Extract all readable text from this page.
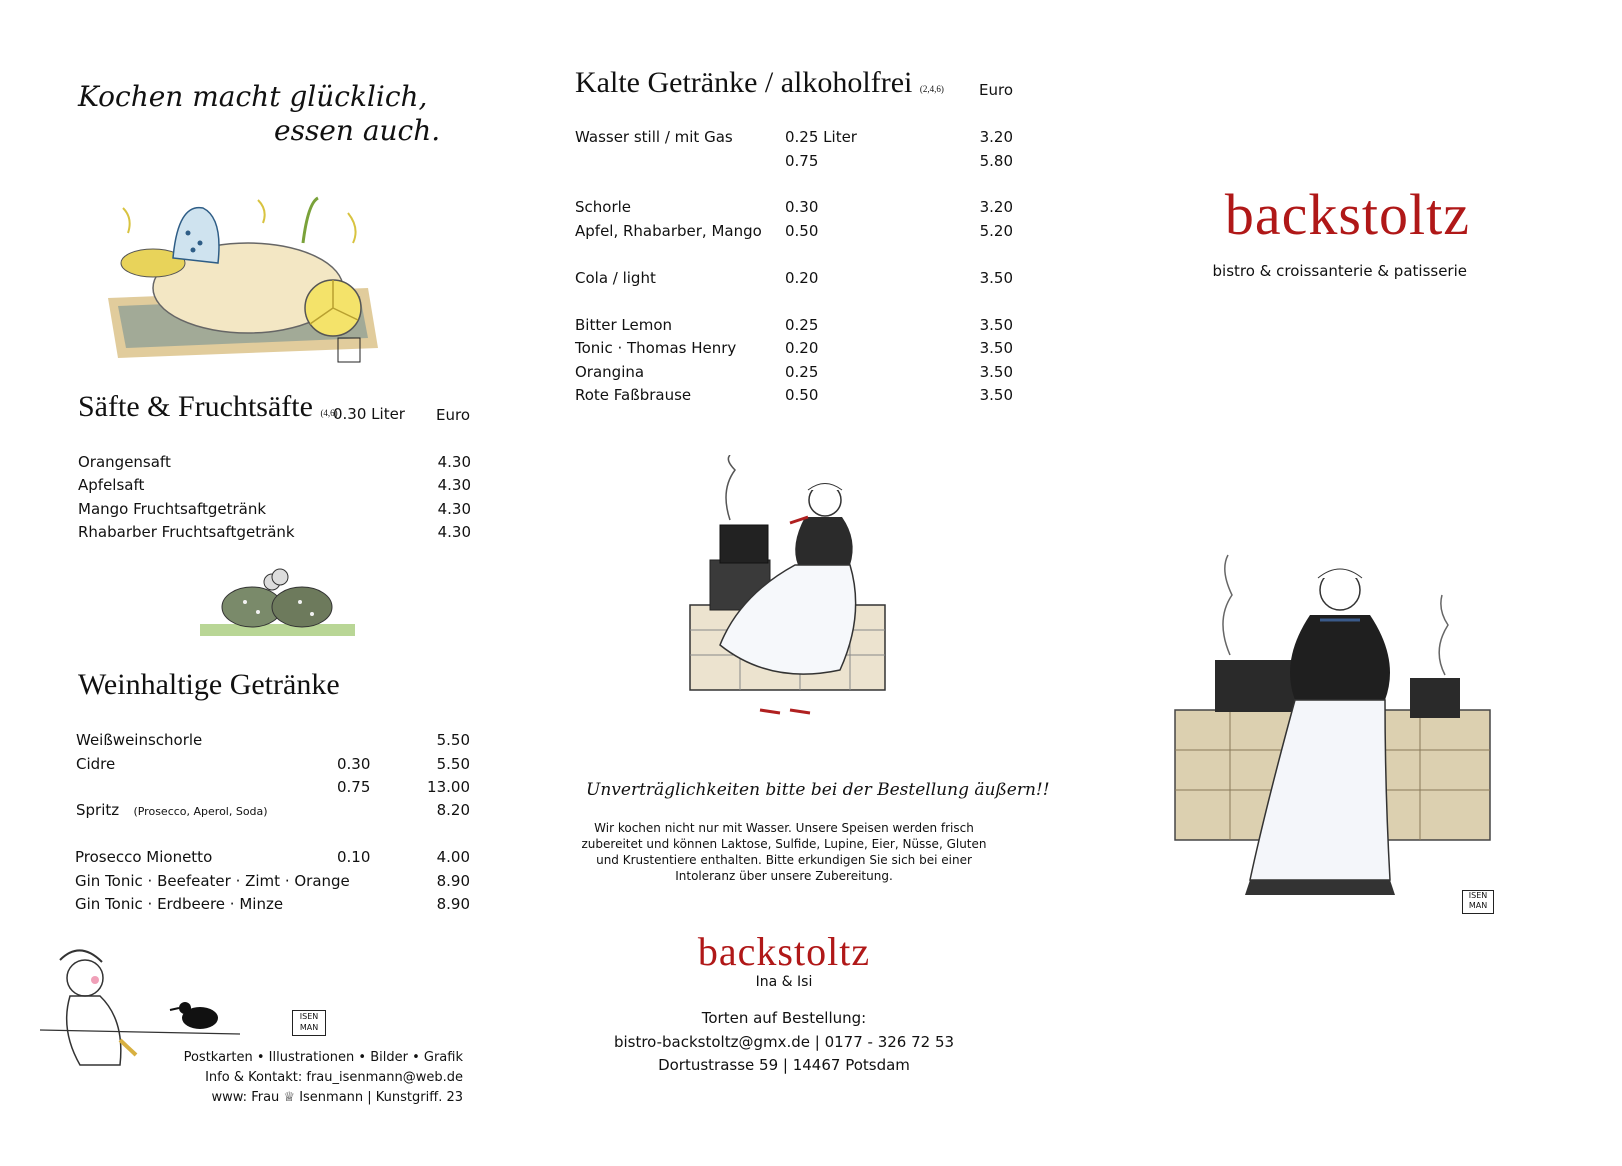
Kochen macht glücklich,
essen auch.
Säfte & Fruchtsäfte (4,6)
0.30 Liter Euro
Orangensaft	4.30
Apfelsaft	4.30
Mango Fruchtsaftgetränk	4.30
Rhabarber Fruchtsaftgetränk	4.30
Weinhaltige Getränke
Weißweinschorle	5.50
Cidre	0.30	5.50
0.75	13.00
Spritz (Prosecco, Aperol, Soda)	8.20
Prosecco Mionetto	0.10	4.00
Gin Tonic · Beefeater · Zimt · Orange	8.90
Gin Tonic · Erdbeere · Minze	8.90
ISEN MAN
Postkarten • Illustrationen • Bilder • Grafik
Info & Kontakt: frau_isenmann@web.de
www: Frau ♕ Isenmann | Kunstgriff. 23
Kalte Getränke / alkoholfrei (2,4,6) Euro
Wasser still / mit Gas	0.25 Liter	3.20
0.75	5.80
Schorle	0.30	3.20
Apfel, Rhabarber, Mango 0.50	5.20
Cola / light	0.20	3.50
Bitter Lemon	0.25	3.50
Tonic · Thomas Henry	0.20	3.50
Orangina	0.25	3.50
Rote Faßbrause	0.50	3.50
Unverträglichkeiten bitte bei der Bestellung äußern!!
Wir kochen nicht nur mit Wasser. Unsere Speisen werden frisch
zubereitet und können Laktose, Sulfide, Lupine, Eier, Nüsse, Gluten
und Krustentiere enthalten. Bitte erkundigen Sie sich bei einer
Intoleranz über unsere Zubereitung.
backstoltz
Ina & Isi
Torten auf Bestellung:
bistro-backstoltz@gmx.de | 0177 - 326 72 53
Dortustrasse 59 | 14467 Potsdam
backstoltz
bistro & croissanterie & patisserie
ISEN MAN
